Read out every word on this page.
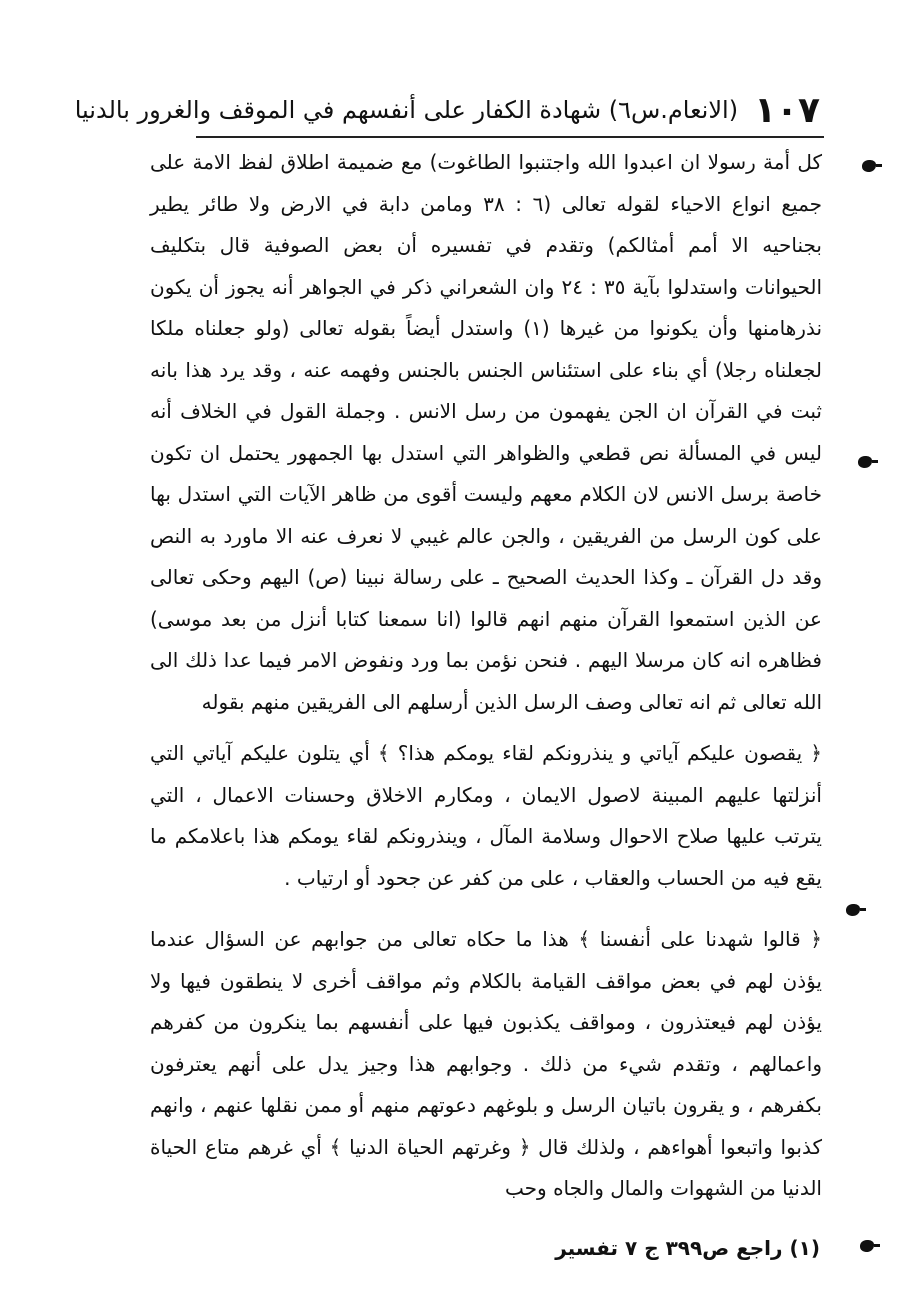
١٠٧
(الانعام.س٦) شهادة الكفار على أنفسهم في الموقف والغرور بالدنيا

كل أمة رسولا ان اعبدوا الله واجتنبوا الطاغوت) مع ضميمة اطلاق لفظ الامة على جميع انواع الاحياء لقوله تعالى (٦ : ٣٨ ومامن دابة في الارض ولا طائر يطير بجناحيه الا أمم أمثالكم) وتقدم في تفسيره أن بعض الصوفية قال بتكليف الحيوانات واستدلوا بآية ٣٥ : ٢٤ وان الشعراني ذكر في الجواهر أنه يجوز أن يكون نذرهامنها وأن يكونوا من غيرها (١) واستدل أيضاً بقوله تعالى (ولو جعلناه ملكا لجعلناه رجلا) أي بناء على استئناس الجنس بالجنس وفهمه عنه ، وقد يرد هذا بانه ثبت في القرآن ان الجن يفهمون من رسل الانس . وجملة القول في الخلاف أنه ليس في المسألة نص قطعي والظواهر التي استدل بها الجمهور يحتمل ان تكون خاصة برسل الانس لان الكلام معهم وليست أقوى من ظاهر الآيات التي استدل بها على كون الرسل من الفريقين ، والجن عالم غيبي لا نعرف عنه الا ماورد به النص وقد دل القرآن ـ وكذا الحديث الصحيح ـ على رسالة نبينا (ص) اليهم وحكى تعالى عن الذين استمعوا القرآن منهم انهم قالوا (انا سمعنا كتابا أنزل من بعد موسى) فظاهره انه كان مرسلا اليهم . فنحن نؤمن بما ورد ونفوض الامر فيما عدا ذلك الى الله تعالى ثم انه تعالى وصف الرسل الذين أرسلهم الى الفريقين منهم بقوله

﴿ يقصون عليكم آياتي و ينذرونكم لقاء يومكم هذا؟ ﴾ أي يتلون عليكم آياتي التي أنزلتها عليهم المبينة لاصول الايمان ، ومكارم الاخلاق وحسنات الاعمال ، التي يترتب عليها صلاح الاحوال وسلامة المآل ، وينذرونكم لقاء يومكم هذا باعلامكم ما يقع فيه من الحساب والعقاب ، على من كفر عن جحود أو ارتياب .

﴿ قالوا شهدنا على أنفسنا ﴾ هذا ما حكاه تعالى من جوابهم عن السؤال عندما يؤذن لهم في بعض مواقف القيامة بالكلام وثم مواقف أخرى لا ينطقون فيها ولا يؤذن لهم فيعتذرون ، ومواقف يكذبون فيها على أنفسهم بما ينكرون من كفرهم واعمالهم ، وتقدم شيء من ذلك . وجوابهم هذا وجيز يدل على أنهم يعترفون بكفرهم ، و يقرون باتيان الرسل و بلوغهم دعوتهم منهم أو ممن نقلها عنهم ، وانهم كذبوا واتبعوا أهواءهم ، ولذلك قال ﴿ وغرتهم الحياة الدنيا ﴾ أي غرهم متاع الحياة الدنيا من الشهوات والمال والجاه وحب

(١) راجع ص٣٩٩ ج ٧ تفسير
